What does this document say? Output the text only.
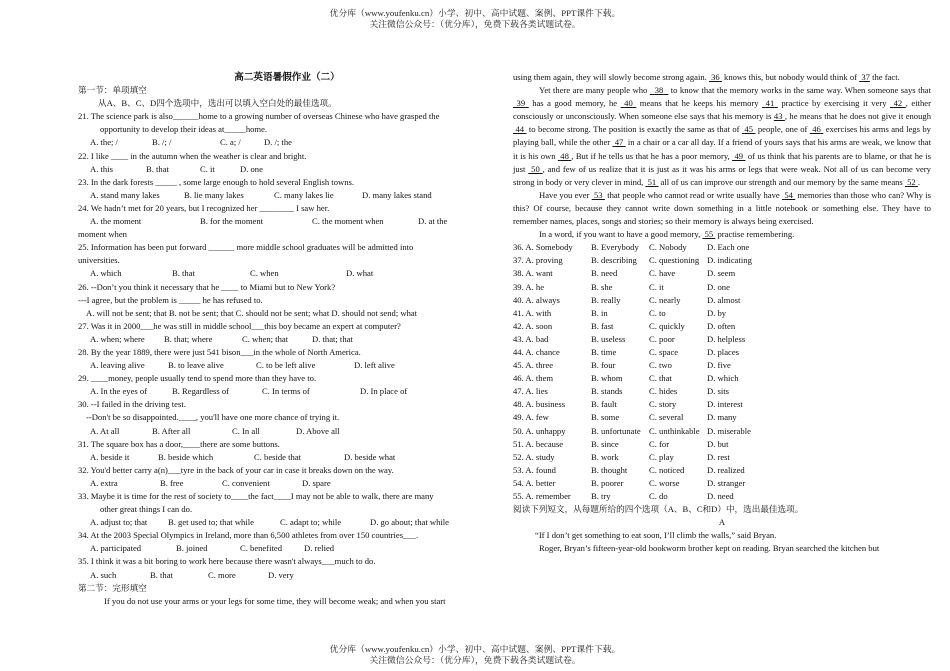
优分库（www.youfenku.cn）小学、初中、高中试题、案例、PPT课件下载。
关注微信公众号：（优分库），免费下载各类试题试卷。
高二英语暑假作业（二）
第一节：单项填空
从A、B、C、D四个选项中，选出可以填入空白处的最佳选项。
21. The science park is also______home to a growing number of overseas Chinese who have grasped the
opportunity to develop their ideas at_____home.
A. the; /	B. /; /	C. a; /	D. /; the
22. I like ____ in the autumn when the weather is clear and bright.
A. this	B. that	C. it	D. one
23. In the dark forests _____ , some large enough to hold several English towns.
A. stand many lakes	B. lie many lakes	C. many lakes lie	D. many lakes stand
24. We hadn’t met for 20 years, but I recognized her ________ I saw her.
A. the moment	B. for the moment	C. the moment when	D. at the
moment when
25. Information has been put forward ______ more middle school graduates will be admitted into
universities.
A. which	B. that	C. when	D. what
26. --Don’t you think it necessary that he ____ to Miami but to New York?
---I agree, but the problem is _____ he has refused to.
A. will not be sent; that B. not be sent; that C. should not be sent; what D. should not send; what
27. Was it in 2000___he was still in middle school___this boy became an expert at computer?
A. when; where	B. that; where	C. when; that	D. that; that
28. By the year 1889, there were just 541 bison___in the whole of North America.
A. leaving alive	B. to leave alive	C. to be left alive	D. left alive
29. ____money, people usually tend to spend more than they have to.
A. In the eyes of	B. Regardless of	C. In terms of	D. In place of
30. --I failed in the driving test.
--Don't be so disappointed.____, you'll have one more chance of trying it.
A. At all	B. After all	C. In all	D. Above all
31. The square box has a door,____there are some buttons.
A. beside it	B. beside which	C. beside that	D. beside what
32. You'd better carry a(n)___tyre in the back of your car in case it breaks down on the way.
A. extra	B. free	C. convenient	D. spare
33. Maybe it is time for the rest of society to____the fact____I may not be able to walk, there are many
other great things I can do.
A. adjust to; that	B. get used to; that while	C. adapt to; while	D. go about; that while
34. At the 2003 Special Olympics in Ireland, more than 6,500 athletes from over 150 countries___.
A. participated	B. joined	C. benefited	D. relied
35. I think it was a bit boring to work here because there wasn't always___much to do.
A. such	B. that	C. more	D. very
第二节：完形填空
If you do not use your arms or your legs for some time, they will become weak; and when you start
using them again, they will slowly become strong again. 36 knows this, but nobody would think of 37 the fact.
Yet there are many people who 38 to know that the memory works in the same way. When someone says that  39 has a good memory, he 40 means that he keeps his memory 41 practice by exercising it very 42 , either consciously or unconsciously. When someone else says that his memory is 43 , he means that he does not give it enough  44 to become strong. The position is exactly the same as that of 45 people, one of 46 exercises his arms and legs by playing ball, while the other 47 in a chair or a car all day. If a friend of yours says that his arms are weak, we know that it is his own 48 , But if he tells us that he has a poor memory, 49 of us think that his parents are to blame, or that he is just 50 , and few of us realize that it is just as it was his arms or legs that were weak. Not all of us can become very strong in body or very clever in mind, 51 all of us can improve our strength and our memory by the same means 52 .
Have you ever 53 that people who cannot read or write usually have 54 memories than those who can? Why is this? Of course, because they cannot write down something in a little notebook or something else. They have to remember names, places, songs and stories; so their memory is always being exercised.
In a word, if you want to have a good memory, 55 practise remembering.
36. A. Somebody	B. Everybody	C. Nobody	D. Each one
37. A. proving	B. describing	C. questioning D. indicating
38. A. want	B. need	C. have	D. seem
39. A. he	B. she	C. it	D. one
40. A. always	B. really	C. nearly	D. almost
41. A. with	B. in	C. to	D. by
42. A. soon	B. fast	C. quickly	D. often
43. A. bad	B. useless	C. poor	D. helpless
44. A. chance	B. time	C. space	D. places
45. A. three	B. four	C. two	D. five
46. A. them	B. whom	C. that	D. which
47. A. lies	B. stands	C. hides	D. sits
48. A. business	B. fault	C. story	D. interest
49. A. few	B. some	C. several	D. many
50. A. unhappy	B. unfortunate C. unthinkable D. miserable
51. A. because	B. since	C. for	D. but
52. A. study	B. work	C. play	D. rest
53. A. found	B. thought	C. noticed	D. realized
54. A. better	B. poorer	C. worse	D. stranger
55. A. remember	B. try	C. do	D. need
阅读下列短文，从每题所给的四个选项（A、B、C和D）中，选出最佳选项。
A
“If I don’t get something to eat soon, I’ll climb the walls,” said Bryan.
Roger, Bryan’s fifteen-year-old bookworm brother kept on reading. Bryan searched the kitchen but
优分库（www.youfenku.cn）小学、初中、高中试题、案例、PPT课件下载。
关注微信公众号：（优分库），免费下载各类试题试卷。
